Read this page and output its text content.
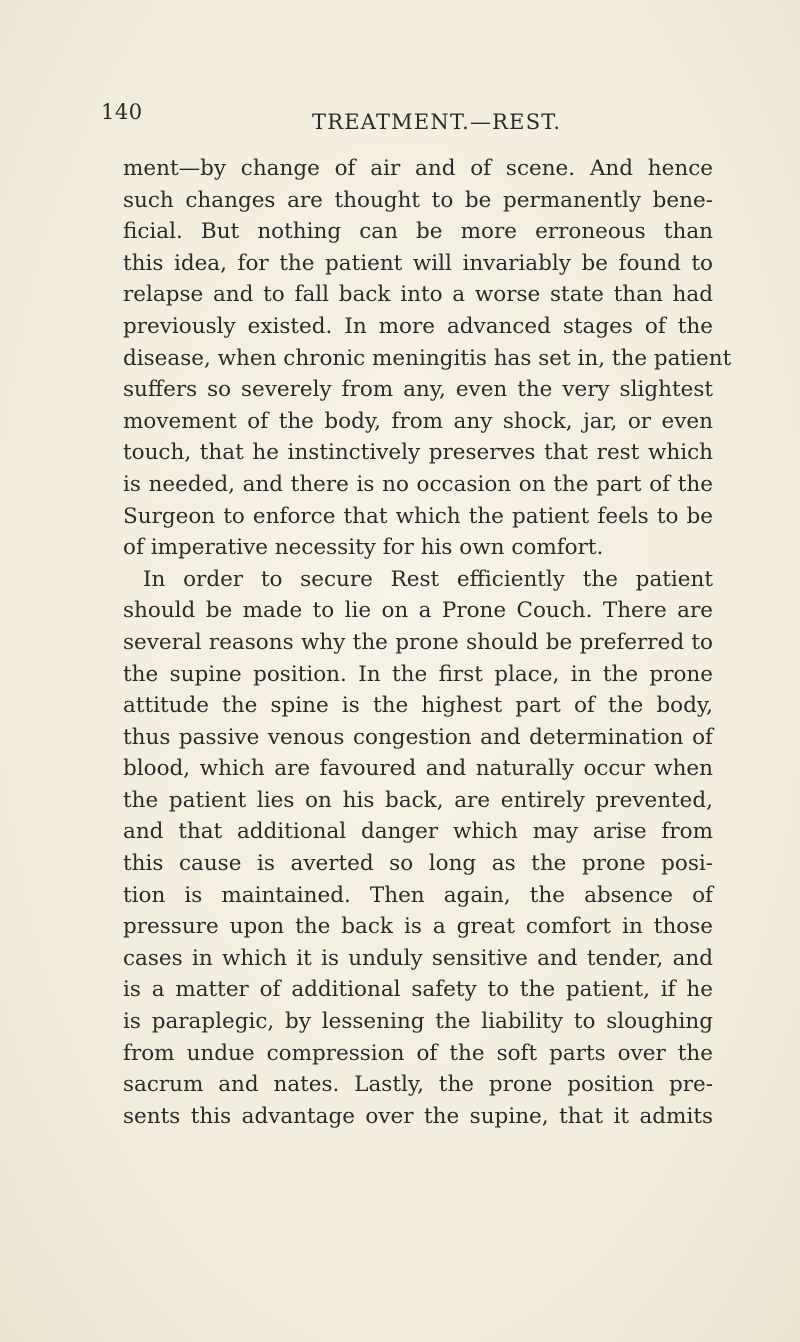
140	TREATMENT.—REST.
ment—by change of air and of scene. And hence
such changes are thought to be permanently bene-
ficial. But nothing can be more erroneous than
this idea, for the patient will invariably be found to
relapse and to fall back into a worse state than had
previously existed. In more advanced stages of the
disease, when chronic meningitis has set in, the patient
suffers so severely from any, even the very slightest
movement of the body, from any shock, jar, or even
touch, that he instinctively preserves that rest which
is needed, and there is no occasion on the part of the
Surgeon to enforce that which the patient feels to be
of imperative necessity for his own comfort.
In order to secure Rest efficiently the patient
should be made to lie on a Prone Couch. There are
several reasons why the prone should be preferred to
the supine position. In the first place, in the prone
attitude the spine is the highest part of the body,
thus passive venous congestion and determination of
blood, which are favoured and naturally occur when
the patient lies on his back, are entirely prevented,
and that additional danger which may arise from
this cause is averted so long as the prone posi-
tion is maintained. Then again, the absence of
pressure upon the back is a great comfort in those
cases in which it is unduly sensitive and tender, and
is a matter of additional safety to the patient, if he
is paraplegic, by lessening the liability to sloughing
from undue compression of the soft parts over the
sacrum and nates. Lastly, the prone position pre-
sents this advantage over the supine, that it admits
